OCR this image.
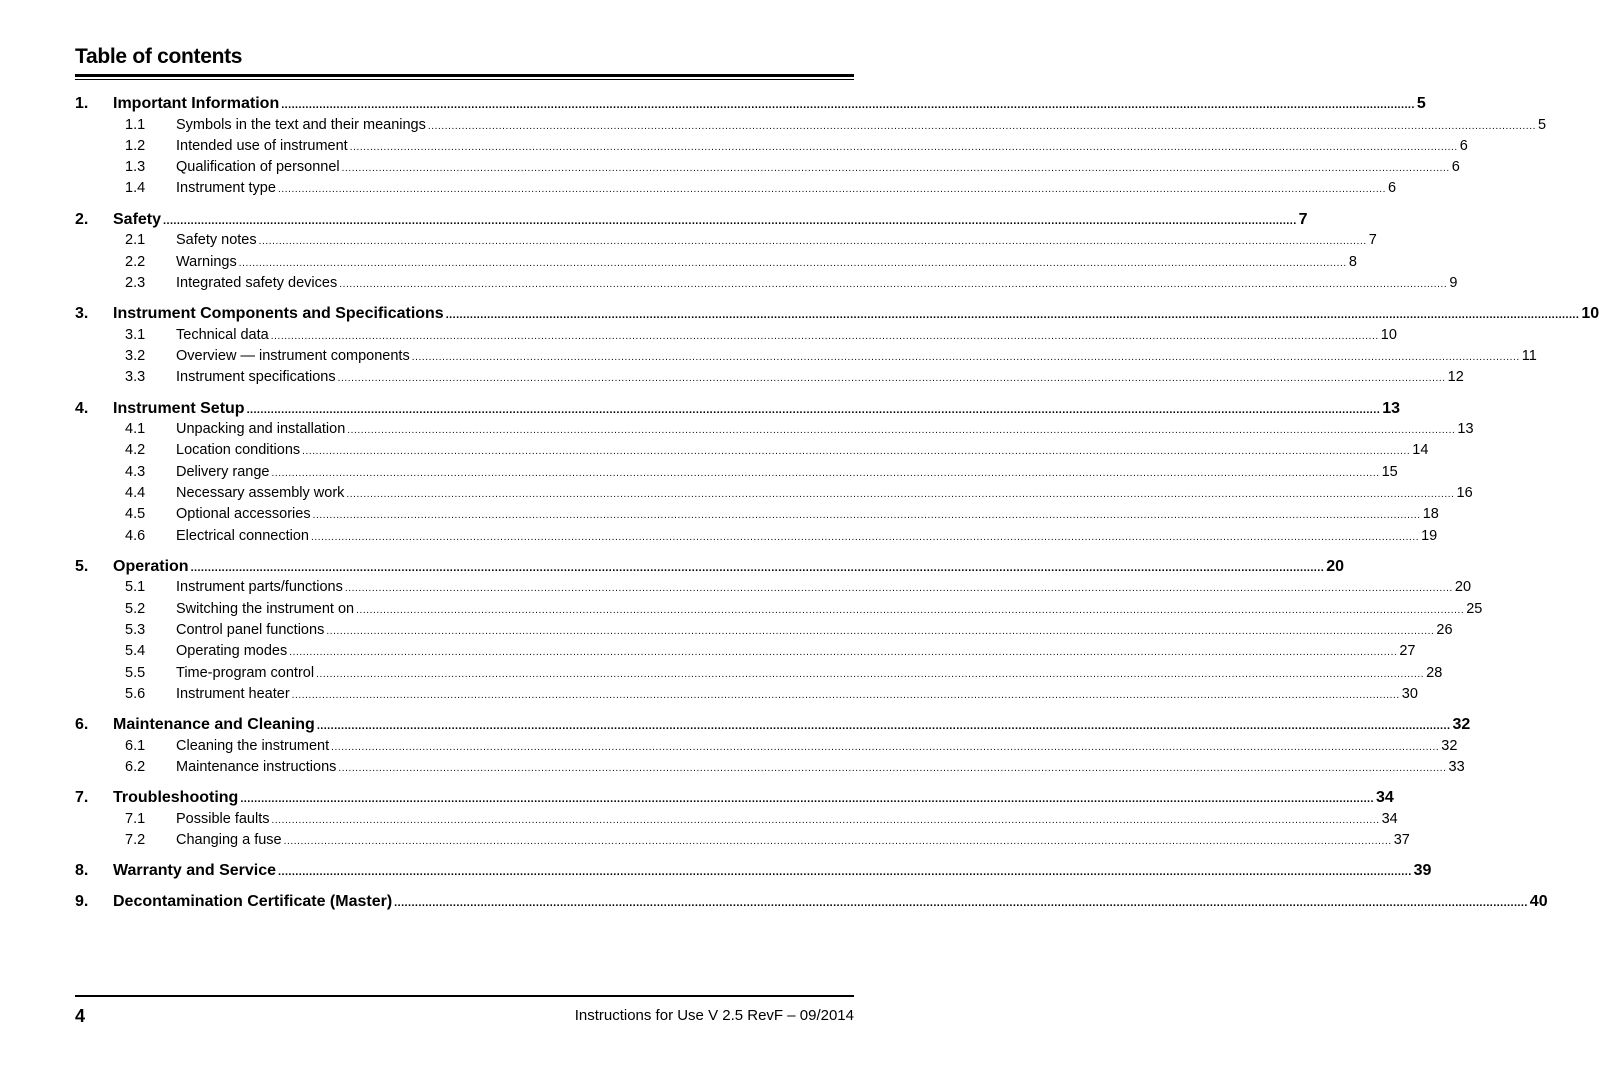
Table of contents
1.	Important Information ........................................................................................................................................................................................................................................................................................................................................ 5
1.1	Symbols in the text and their meanings ........................................................................................................................................................................................................................................................................................................................................ 5
1.2	Intended use of instrument ........................................................................................................................................................................................................................................................................................................................................ 6
1.3	Qualification of personnel ........................................................................................................................................................................................................................................................................................................................................ 6
1.4	Instrument type ........................................................................................................................................................................................................................................................................................................................................ 6
2.	Safety ........................................................................................................................................................................................................................................................................................................................................ 7
2.1	Safety notes ........................................................................................................................................................................................................................................................................................................................................ 7
2.2	Warnings ........................................................................................................................................................................................................................................................................................................................................ 8
2.3	Integrated safety devices ........................................................................................................................................................................................................................................................................................................................................ 9
3.	Instrument Components and Specifications ........................................................................................................................................................................................................................................................................................................................................ 10
3.1	Technical data ........................................................................................................................................................................................................................................................................................................................................ 10
3.2	Overview — instrument components ........................................................................................................................................................................................................................................................................................................................................ 11
3.3	Instrument specifications ........................................................................................................................................................................................................................................................................................................................................ 12
4.	Instrument Setup ........................................................................................................................................................................................................................................................................................................................................ 13
4.1	Unpacking and installation ........................................................................................................................................................................................................................................................................................................................................ 13
4.2	Location conditions ........................................................................................................................................................................................................................................................................................................................................ 14
4.3	Delivery range ........................................................................................................................................................................................................................................................................................................................................ 15
4.4	Necessary assembly work ........................................................................................................................................................................................................................................................................................................................................ 16
4.5	Optional accessories ........................................................................................................................................................................................................................................................................................................................................ 18
4.6	Electrical connection ........................................................................................................................................................................................................................................................................................................................................ 19
5.	Operation ........................................................................................................................................................................................................................................................................................................................................ 20
5.1	Instrument parts/functions ........................................................................................................................................................................................................................................................................................................................................ 20
5.2	Switching the instrument on ........................................................................................................................................................................................................................................................................................................................................ 25
5.3	Control panel functions ........................................................................................................................................................................................................................................................................................................................................ 26
5.4	Operating modes ........................................................................................................................................................................................................................................................................................................................................ 27
5.5	Time-program control ........................................................................................................................................................................................................................................................................................................................................ 28
5.6	Instrument heater ........................................................................................................................................................................................................................................................................................................................................ 30
6.	Maintenance and Cleaning ........................................................................................................................................................................................................................................................................................................................................ 32
6.1	Cleaning the instrument ........................................................................................................................................................................................................................................................................................................................................ 32
6.2	Maintenance instructions ........................................................................................................................................................................................................................................................................................................................................ 33
7.	Troubleshooting ........................................................................................................................................................................................................................................................................................................................................ 34
7.1	Possible faults ........................................................................................................................................................................................................................................................................................................................................ 34
7.2	Changing a fuse ........................................................................................................................................................................................................................................................................................................................................ 37
8.	Warranty and Service ........................................................................................................................................................................................................................................................................................................................................ 39
9.	Decontamination Certificate (Master) ........................................................................................................................................................................................................................................................................................................................................ 40
4	Instructions for Use V 2.5 RevF – 09/2014
